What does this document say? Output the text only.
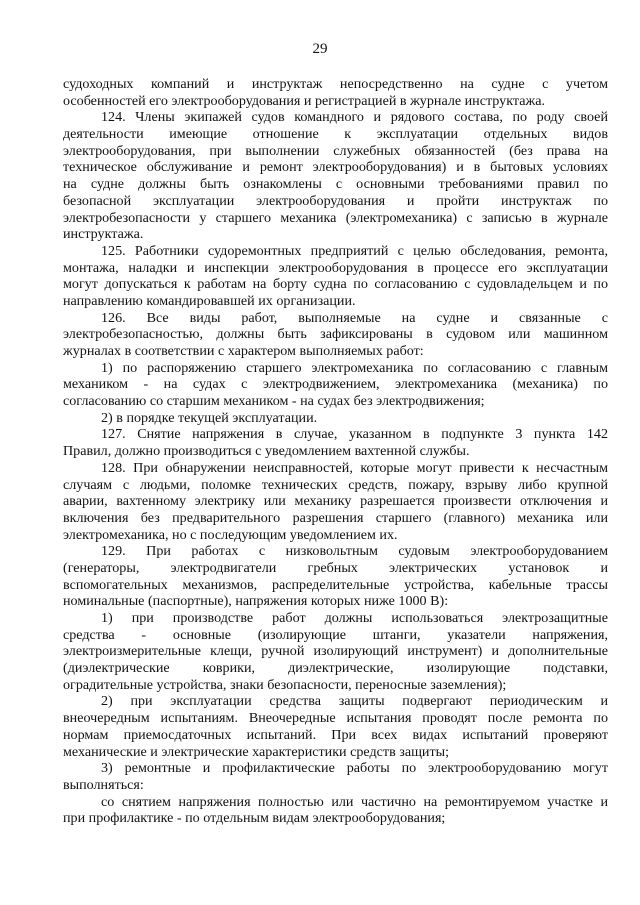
29
судоходных компаний и инструктаж непосредственно на судне с учетом
особенностей его электрооборудования и регистрацией в журнале инструктажа.
124. Члены экипажей судов командного и рядового состава, по роду своей
деятельности имеющие отношение к эксплуатации отдельных видов
электрооборудования, при выполнении служебных обязанностей (без права на
техническое обслуживание и ремонт электрооборудования) и в бытовых условиях
на судне должны быть ознакомлены с основными требованиями правил по
безопасной эксплуатации электрооборудования и пройти инструктаж по
электробезопасности у старшего механика (электромеханика) с записью в журнале
инструктажа.
125. Работники судоремонтных предприятий с целью обследования, ремонта,
монтажа, наладки и инспекции электрооборудования в процессе его эксплуатации
могут допускаться к работам на борту судна по согласованию с судовладельцем и по
направлению командировавшей их организации.
126. Все виды работ, выполняемые на судне и связанные с
электробезопасностью, должны быть зафиксированы в судовом или машинном
журналах в соответствии с характером выполняемых работ:
1) по распоряжению старшего электромеханика по согласованию с главным
механиком - на судах с электродвижением, электромеханика (механика) по
согласованию со старшим механиком - на судах без электродвижения;
2) в порядке текущей эксплуатации.
127. Снятие напряжения в случае, указанном в подпункте 3 пункта 142
Правил, должно производиться с уведомлением вахтенной службы.
128. При обнаружении неисправностей, которые могут привести к несчастным
случаям с людьми, поломке технических средств, пожару, взрыву либо крупной
аварии, вахтенному электрику или механику разрешается произвести отключения и
включения без предварительного разрешения старшего (главного) механика или
электромеханика, но с последующим уведомлением их.
129. При работах с низковольтным судовым электрооборудованием
(генераторы, электродвигатели гребных электрических установок и
вспомогательных механизмов, распределительные устройства, кабельные трассы
номинальные (паспортные), напряжения которых ниже 1000 В):
1) при производстве работ должны использоваться электрозащитные
средства - основные (изолирующие штанги, указатели напряжения,
электроизмерительные клещи, ручной изолирующий инструмент) и дополнительные
(диэлектрические коврики, диэлектрические, изолирующие подставки,
оградительные устройства, знаки безопасности, переносные заземления);
2) при эксплуатации средства защиты подвергают периодическим и
внеочередным испытаниям. Внеочередные испытания проводят после ремонта по
нормам приемосдаточных испытаний. При всех видах испытаний проверяют
механические и электрические характеристики средств защиты;
3) ремонтные и профилактические работы по электрооборудованию могут
выполняться:
со снятием напряжения полностью или частично на ремонтируемом участке и
при профилактике - по отдельным видам электрооборудования;
